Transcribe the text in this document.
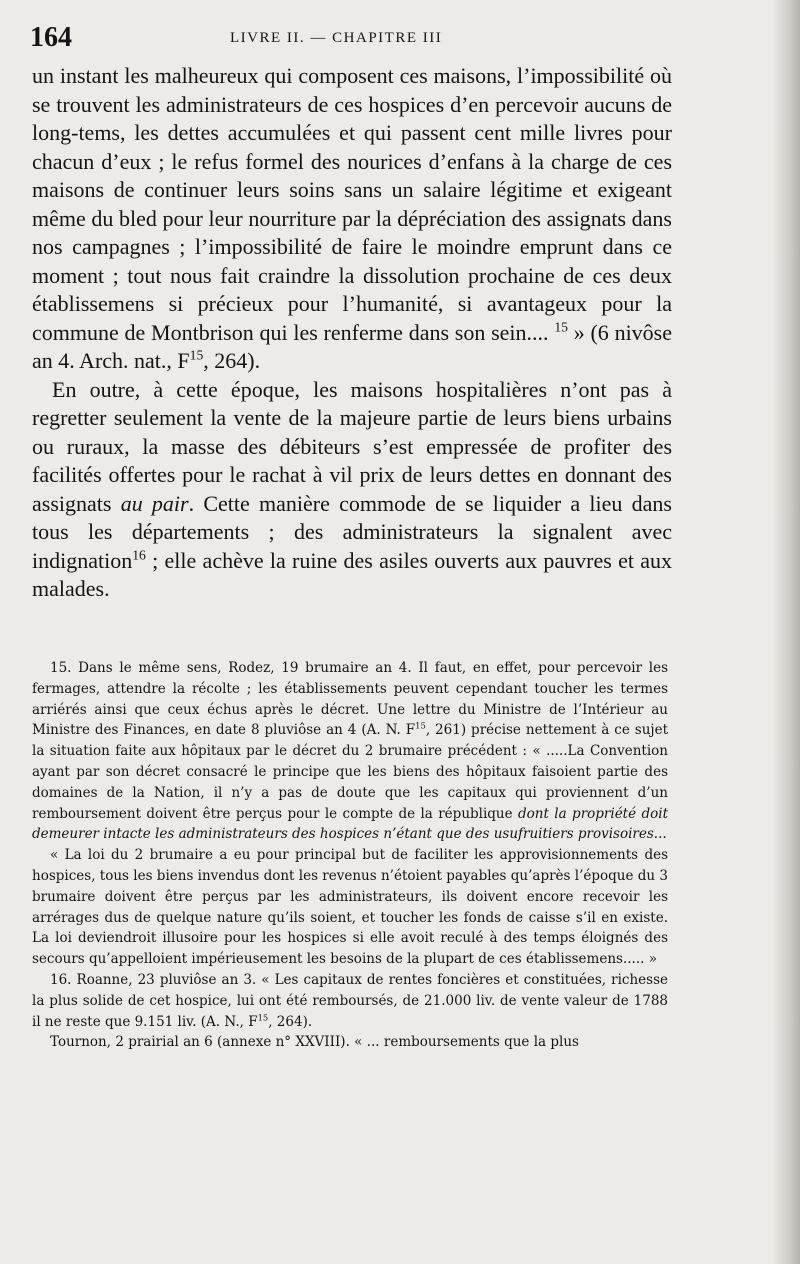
164	LIVRE II. — CHAPITRE III

un instant les malheureux qui composent ces maisons, l’impossibilité où se trouvent les administrateurs de ces hospices d’en percevoir aucuns de long-tems, les dettes accumulées et qui passent cent mille livres pour chacun d’eux ; le refus formel des nourices d’enfans à la charge de ces maisons de continuer leurs soins sans un salaire légitime et exigeant même du bled pour leur nourriture par la dépréciation des assignats dans nos campagnes ; l’impossibilité de faire le moindre emprunt dans ce moment ; tout nous fait craindre la dissolution prochaine de ces deux établissemens si précieux pour l’humanité, si avantageux pour la commune de Montbrison qui les renferme dans son sein.... $^{15}$ » (6 nivôse an 4. Arch. nat., $F^{15}$, 264).

En outre, à cette époque, les maisons hospitalières n’ont pas à regretter seulement la vente de la majeure partie de leurs biens urbains ou ruraux, la masse des débiteurs s’est empressée de profiter des facilités offertes pour le rachat à vil prix de leurs dettes en donnant des assignats au pair. Cette manière commode de se liquider a lieu dans tous les départements ; des administrateurs la signalent avec indignation$^{16}$ ; elle achève la ruine des asiles ouverts aux pauvres et aux malades.

15. Dans le même sens, Rodez, 19 brumaire an 4. Il faut, en effet, pour percevoir les fermages, attendre la récolte ; les établissements peuvent cependant toucher les termes arriérés ainsi que ceux échus après le décret. Une lettre du Ministre de l’Intérieur au Ministre des Finances, en date 8 pluviôse an 4 (A. N. $F^{15}$, 261) précise nettement à ce sujet la situation faite aux hôpitaux par le décret du 2 brumaire précédent : « .....La Convention ayant par son décret consacré le principe que les biens des hôpitaux faisoient partie des domaines de la Nation, il n’y a pas de doute que les capitaux qui proviennent d’un remboursement doivent être perçus pour le compte de la république dont la propriété doit demeurer intacte les administrateurs des hospices n’étant que des usufruitiers provisoires...

« La loi du 2 brumaire a eu pour principal but de faciliter les approvisionnements des hospices, tous les biens invendus dont les revenus n’étoient payables qu’après l’époque du 3 brumaire doivent être perçus par les administrateurs, ils doivent encore recevoir les arrérages dus de quelque nature qu’ils soient, et toucher les fonds de caisse s’il en existe. La loi deviendroit illusoire pour les hospices si elle avoit reculé à des temps éloignés des secours qu’appelloient impérieusement les besoins de la plupart de ces établissemens..... »

16. Roanne, 23 pluviôse an 3. « Les capitaux de rentes foncières et constituées, richesse la plus solide de cet hospice, lui ont été remboursés, de 21.000 liv. de vente valeur de 1788 il ne reste que 9.151 liv. (A. N., $F^{15}$, 264).

Tournon, 2 prairial an 6 (annexe n° XXVIII). « ... remboursements que la plus
